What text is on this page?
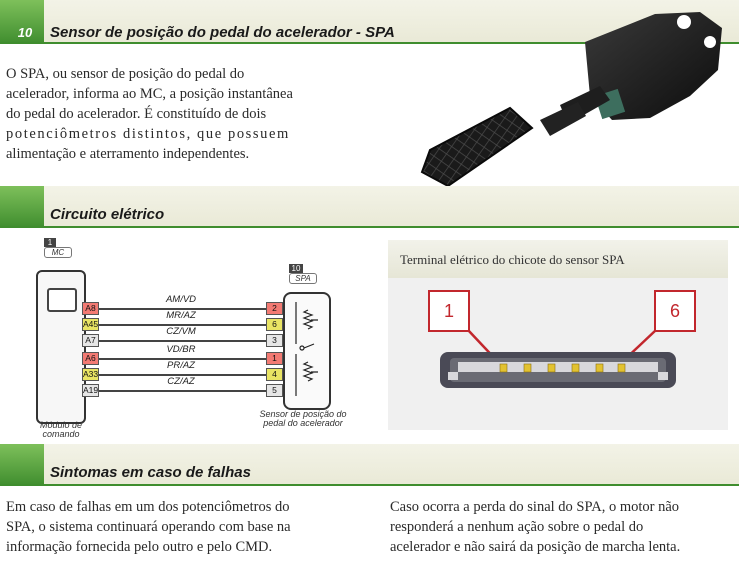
10	Sensor de posição do pedal do acelerador - SPA
O SPA, ou sensor de posição do pedal do
acelerador, informa ao MC, a posição instantânea
do pedal do acelerador. É constituído de dois
potenciômetros distintos, que possuem
alimentação e aterramento independentes.
Circuito elétrico
1
MC
Módulo de
comando
10
SPA
Sensor de posição do
pedal do acelerador
A8
AM/VD
2
A45
MR/AZ
6
A7
CZ/VM
3
A6
VD/BR
1
A33
PR/AZ
4
A19
CZ/AZ
5
Terminal elétrico do chicote do sensor SPA
1	6
Sintomas em caso de falhas
Em caso de falhas em um dos potenciômetros do
SPA, o sistema continuará operando com base na
informação fornecida pelo outro e pelo CMD.
Caso ocorra a perda do sinal do SPA, o motor não
responderá a nenhum ação sobre o pedal do
acelerador e não sairá da posição de marcha lenta.
